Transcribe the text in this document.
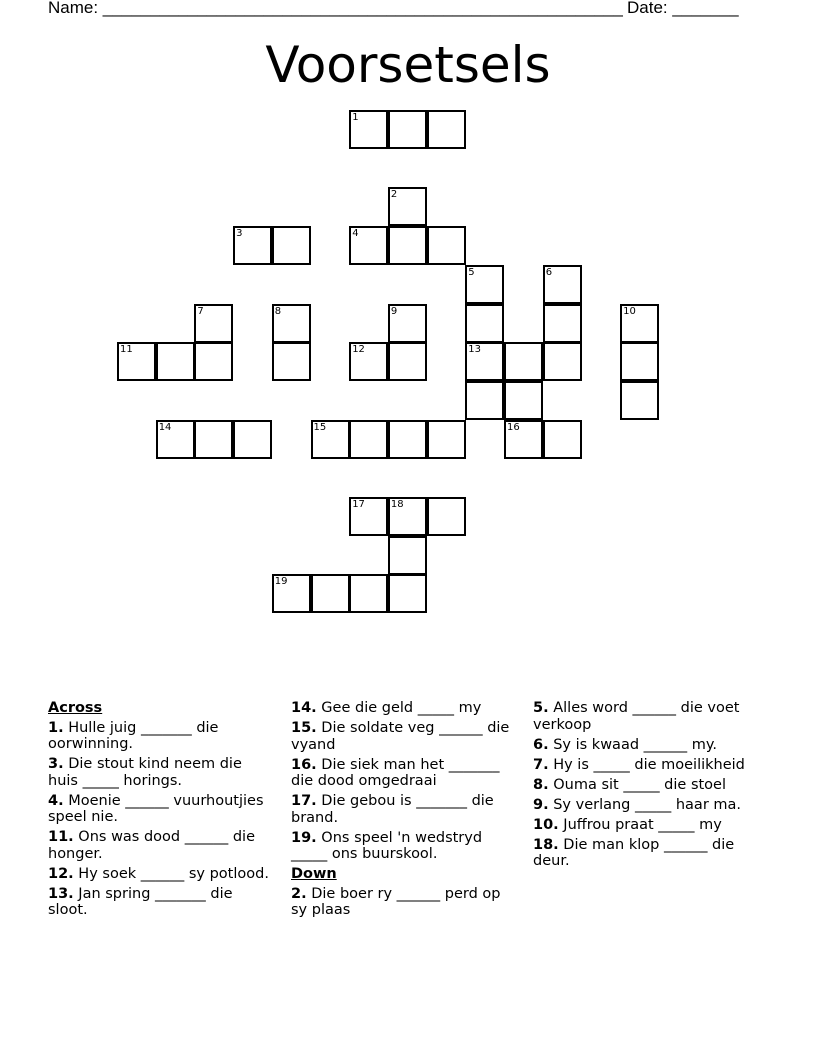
Name: _______________________________________________________ Date: _______
Voorsetsels
1
2
3	4
5	6
7	8	9	10
11	12	13
14	15	16
17	18
19
Across
1. Hulle juig _______ die oorwinning.
3. Die stout kind neem die huis _____ horings.
4. Moenie ______ vuurhoutjies speel nie.
11. Ons was dood ______ die honger.
12. Hy soek ______ sy potlood.
13. Jan spring _______ die sloot.
14. Gee die geld _____ my
15. Die soldate veg ______ die vyand
16. Die siek man het _______ die dood omgedraai
17. Die gebou is _______ die brand.
19. Ons speel 'n wedstryd _____ ons buurskool.
Down
2. Die boer ry ______ perd op sy plaas
5. Alles word ______ die voet verkoop
6. Sy is kwaad ______ my.
7. Hy is _____ die moeilikheid
8. Ouma sit _____ die stoel
9. Sy verlang _____ haar ma.
10. Juffrou praat _____ my
18. Die man klop ______ die deur.
